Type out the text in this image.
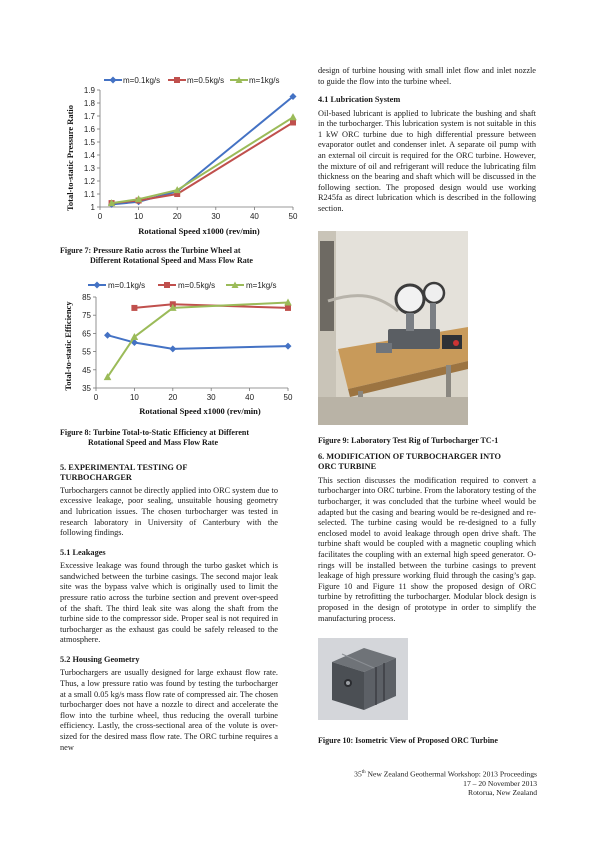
m=0.1kg/s	m=0.5kg/s	m=1kg/s
0	10	20	30	40	50
1
1.1
1.2
1.3
1.4
1.5
1.6
1.7
1.8
1.9
Total-to-static Pressure Ratio
Rotational Speed x1000 (rev/min)

Figure 7: Pressure Ratio across the Turbine Wheel at
Different Rotational Speed and Mass Flow Rate

m=0.1kg/s	m=0.5kg/s	m=1kg/s
0	10	20	30	40	50
35
45
55
65
75
85
Total-to-static Efficiency
Rotational Speed x1000 (rev/min)

Figure 8: Turbine Total-to-Static Efficiency at Different
Rotational Speed and Mass Flow Rate

5. EXPERIMENTAL TESTING OF
TURBOCHARGER

Turbochargers cannot be directly applied into ORC system due to excessive leakage, poor sealing, unsuitable housing geometry and lubrication issues. The chosen turbocharger was tested in research laboratory in University of Canterbury with the following findings.

5.1 Leakages

Excessive leakage was found through the turbo gasket which is sandwiched between the turbine casings. The second major leak site was the bypass valve which is originally used to limit the pressure ratio across the turbine section and prevent over-speed of the shaft. The third leak site was along the shaft from the turbine side to the compressor side. Proper seal is not required in turbocharger as the exhaust gas could be safely released to the atmosphere.

5.2 Housing Geometry

Turbochargers are usually designed for large exhaust flow rate. Thus, a low pressure ratio was found by testing the turbocharger at a small 0.05 kg/s mass flow rate of compressed air. The chosen turbocharger does not have a nozzle to direct and accelerate the flow into the turbine wheel, thus reducing the overall turbine efficiency. Lastly, the cross-sectional area of the volute is over-sized for the desired mass flow rate. The ORC turbine requires a new

design of turbine housing with small inlet flow and inlet nozzle to guide the flow into the turbine wheel.

4.1 Lubrication System

Oil-based lubricant is applied to lubricate the bushing and shaft in the turbocharger. This lubrication system is not suitable in this 1 kW ORC turbine due to high differential pressure between evaporator outlet and condenser inlet. A separate oil pump with an external oil circuit is required for the ORC turbine. However, the mixture of oil and refrigerant will reduce the lubricating film thickness on the bearing and shaft which will be discussed in the following section. The proposed design would use working R245fa as direct lubrication which is described in the following section.

Figure 9: Laboratory Test Rig of Turbocharger TC-1

6. MODIFICATION OF TURBOCHARGER INTO
ORC TURBINE

This section discusses the modification required to convert a turbocharger into ORC turbine. From the laboratory testing of the turbocharger, it was concluded that the turbine wheel would be adapted but the casing and bearing would be re-designed and re-selected. The turbine casing would be re-designed to a fully enclosed model to avoid leakage through open drive shaft. The turbine shaft would be coupled with a magnetic coupling which facilitates the coupling with an external high speed generator. O-rings will be installed between the turbine casings to prevent leakage of high pressure working fluid through the casing’s gap. Figure 10 and Figure 11 show the proposed design of ORC turbine by retrofitting the turbocharger. Modular block design is proposed in the design of prototype in order to simplify the manufacturing process.

Figure 10: Isometric View of Proposed ORC Turbine

35th New Zealand Geothermal Workshop: 2013 Proceedings
17 – 20 November 2013
Rotorua, New Zealand
